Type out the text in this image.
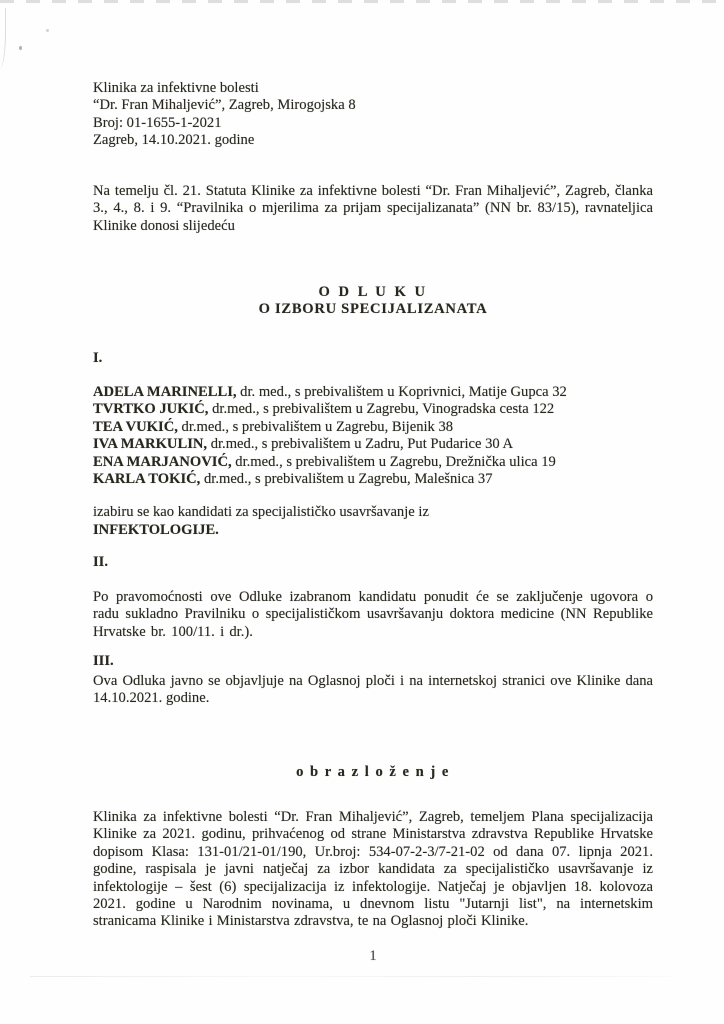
Klinika za infektivne bolesti
“Dr. Fran Mihaljević”, Zagreb, Mirogojska 8
Broj: 01-1655-1-2021
Zagreb, 14.10.2021. godine
Na temelju čl. 21. Statuta Klinike za infektivne bolesti “Dr. Fran Mihaljević”, Zagreb, članka 3., 4., 8. i 9. “Pravilnika o mjerilima za prijam specijalizanata” (NN br. 83/15), ravnateljica Klinike donosi slijedeću
O D L U K U
O IZBORU SPECIJALIZANATA
I.
ADELA MARINELLI, dr. med., s prebivalištem u Koprivnici, Matije Gupca 32
TVRTKO JUKIĆ, dr.med., s prebivalištem u Zagrebu, Vinogradska cesta 122
TEA VUKIĆ, dr.med., s prebivalištem u Zagrebu, Bijenik 38
IVA MARKULIN, dr.med., s prebivalištem u Zadru, Put Pudarice 30 A
ENA MARJANOVIĆ, dr.med., s prebivalištem u Zagrebu, Drežnička ulica 19
KARLA TOKIĆ, dr.med., s prebivalištem u Zagrebu, Malešnica 37
izabiru se kao kandidati za specijalističko usavršavanje iz
INFEKTOLOGIJE.
II.
Po pravomoćnosti ove Odluke izabranom kandidatu ponudit će se zaključenje ugovora o radu sukladno Pravilniku o specijalističkom usavršavanju doktora medicine (NN Republike Hrvatske br. 100/11. i dr.).
III.
Ova Odluka javno se objavljuje na Oglasnoj ploči i na internetskoj stranici ove Klinike dana 14.10.2021. godine.
o b r a z l o ž e n j e
Klinika za infektivne bolesti “Dr. Fran Mihaljević”, Zagreb, temeljem Plana specijalizacija Klinike za 2021. godinu, prihvaćenog od strane Ministarstva zdravstva Republike Hrvatske dopisom Klasa: 131-01/21-01/190, Ur.broj: 534-07-2-3/7-21-02 od dana 07. lipnja 2021. godine, raspisala je javni natječaj za izbor kandidata za specijalističko usavršavanje iz infektologije – šest (6) specijalizacija iz infektologije. Natječaj je objavljen 18. kolovoza 2021. godine u Narodnim novinama, u dnevnom listu "Jutarnji list", na internetskim stranicama Klinike i Ministarstva zdravstva, te na Oglasnoj ploči Klinike.
1
